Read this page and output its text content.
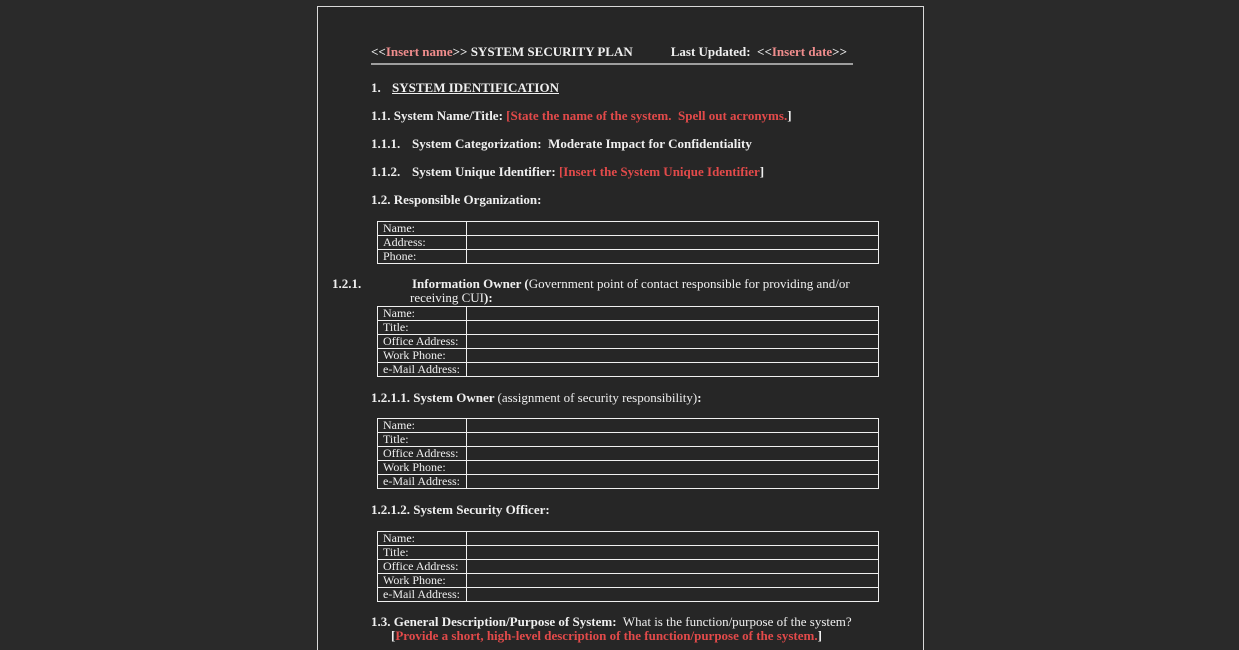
<<Insert name>> SYSTEM SECURITY PLAN	Last Updated:  <<Insert date>>
1. SYSTEM IDENTIFICATION
1.1. System Name/Title: [State the name of the system.  Spell out acronyms.]
1.1.1. System Categorization:  Moderate Impact for Confidentiality
1.1.2. System Unique Identifier: [Insert the System Unique Identifier]
1.2. Responsible Organization:
Name:	
Address:	
Phone:	
1.2.1.	Information Owner (Government point of contact responsible for providing and/or receiving CUI):
Name:	
Title:	
Office Address:	
Work Phone:	
e-Mail Address:	
1.2.1.1. System Owner (assignment of security responsibility):
Name:	
Title:	
Office Address:	
Work Phone:	
e-Mail Address:	
1.2.1.2. System Security Officer:
Name:	
Title:	
Office Address:	
Work Phone:	
e-Mail Address:	
1.3. General Description/Purpose of System:  What is the function/purpose of the system?  [Provide a short, high-level description of the function/purpose of the system.]
